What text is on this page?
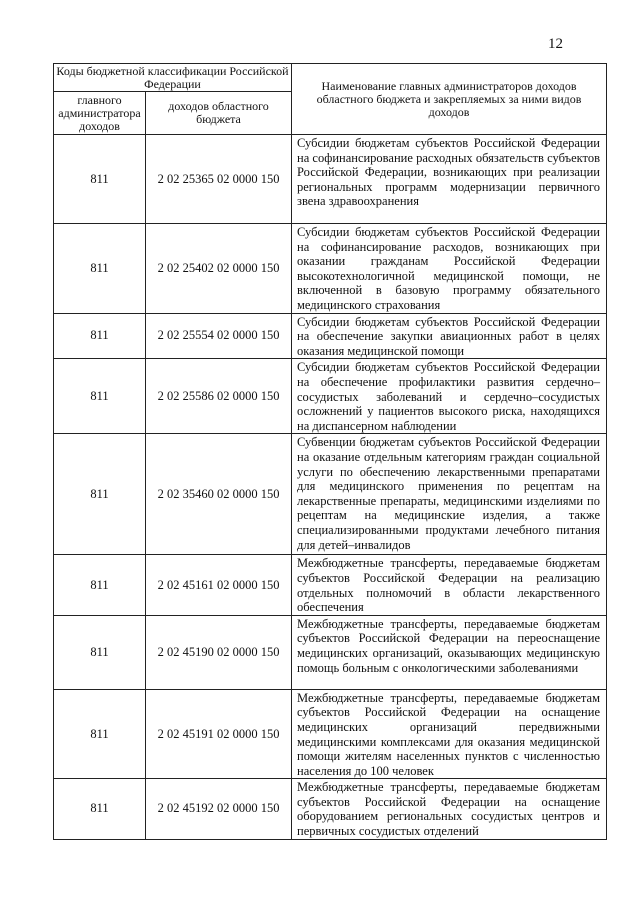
12
Коды бюджетной классификации Российской Федерации		Наименование главных администраторов доходов областного бюджета и закрепляемых за ними видов доходов
главного администратора доходов	доходов областного бюджета	
811	2 02 25365 02 0000 150	Субсидии бюджетам субъектов Российской Федерации на софинансирование расходных обязательств субъектов Российской Федерации, возникающих при реализации региональных программ модернизации первичного звена здравоохранения
811	2 02 25402 02 0000 150	Субсидии бюджетам субъектов Российской Федерации на софинансирование расходов, возникающих при оказании гражданам Российской Федерации высокотехнологичной медицинской помощи, не включенной в базовую программу обязательного медицинского страхования
811	2 02 25554 02 0000 150	Субсидии бюджетам субъектов Российской Федерации на обеспечение закупки авиационных работ в целях оказания медицинской помощи
811	2 02 25586 02 0000 150	Субсидии бюджетам субъектов Российской Федерации на обеспечение профилактики развития сердечно–сосудистых заболеваний и сердечно–сосудистых осложнений у пациентов высокого риска, находящихся на диспансерном наблюдении
811	2 02 35460 02 0000 150	Субвенции бюджетам субъектов Российской Федерации на оказание отдельным категориям граждан социальной услуги по обеспечению лекарственными препаратами для медицинского применения по рецептам на лекарственные препараты, медицинскими изделиями по рецептам на медицинские изделия, а также специализированными продуктами лечебного питания для детей–инвалидов
811	2 02 45161 02 0000 150	Межбюджетные трансферты, передаваемые бюджетам субъектов Российской Федерации на реализацию отдельных полномочий в области лекарственного обеспечения
811	2 02 45190 02 0000 150	Межбюджетные трансферты, передаваемые бюджетам субъектов Российской Федерации на переоснащение медицинских организаций, оказывающих медицинскую помощь больным с онкологическими заболеваниями
811	2 02 45191 02 0000 150	Межбюджетные трансферты, передаваемые бюджетам субъектов Российской Федерации на оснащение медицинских организаций передвижными медицинскими комплексами для оказания медицинской помощи жителям населенных пунктов с численностью населения до 100 человек
811	2 02 45192 02 0000 150	Межбюджетные трансферты, передаваемые бюджетам субъектов Российской Федерации на оснащение оборудованием региональных сосудистых центров и первичных сосудистых отделений
